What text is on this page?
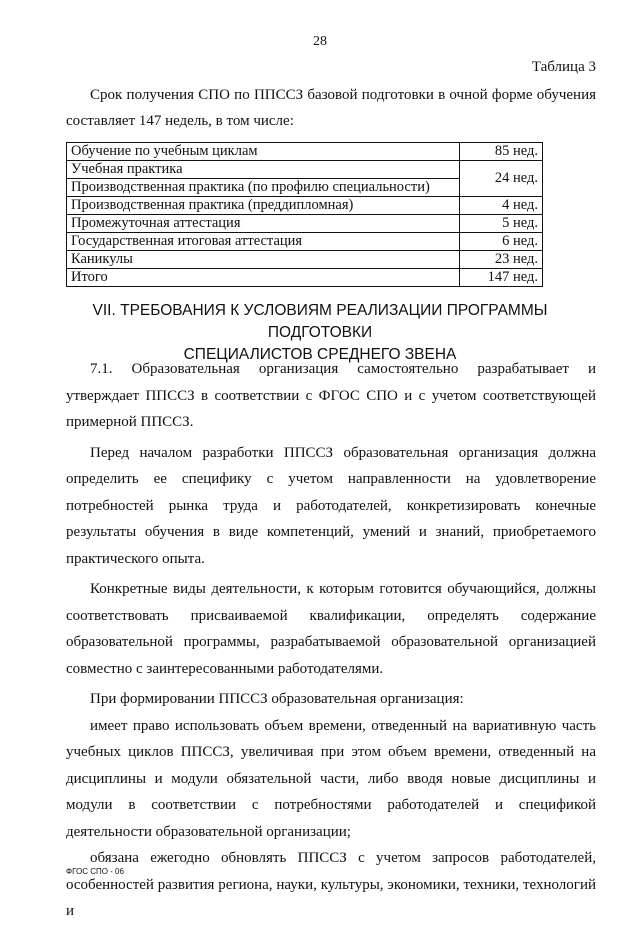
28
Таблица 3
Срок получения СПО по ППССЗ базовой подготовки в очной форме обучения составляет 147 недель, в том числе:
Обучение по учебным циклам	85 нед.
Учебная практика	24 нед.
Производственная практика (по профилю специальности)	
Производственная практика (преддипломная)	4 нед.
Промежуточная аттестация	5 нед.
Государственная итоговая аттестация	6 нед.
Каникулы	23 нед.
Итого	147 нед.
VII. ТРЕБОВАНИЯ К УСЛОВИЯМ РЕАЛИЗАЦИИ ПРОГРАММЫ ПОДГОТОВКИ
СПЕЦИАЛИСТОВ СРЕДНЕГО ЗВЕНА

7.1. Образовательная организация самостоятельно разрабатывает и утверждает ППССЗ в соответствии с ФГОС СПО и с учетом соответствующей примерной ППССЗ.

Перед началом разработки ППССЗ образовательная организация должна определить ее специфику с учетом направленности на удовлетворение потребностей рынка труда и работодателей, конкретизировать конечные результаты обучения в виде компетенций, умений и знаний, приобретаемого практического опыта.

Конкретные виды деятельности, к которым готовится обучающийся, должны соответствовать присваиваемой квалификации, определять содержание образовательной программы, разрабатываемой образовательной организацией совместно с заинтересованными работодателями.

При формировании ППССЗ образовательная организация:

имеет право использовать объем времени, отведенный на вариативную часть учебных циклов ППССЗ, увеличивая при этом объем времени, отведенный на дисциплины и модули обязательной части, либо вводя новые дисциплины и модули в соответствии с потребностями работодателей и спецификой деятельности образовательной организации;

обязана ежегодно обновлять ППССЗ с учетом запросов работодателей, особенностей развития региона, науки, культуры, экономики, техники, технологий и

ФГОС СПО - 06
